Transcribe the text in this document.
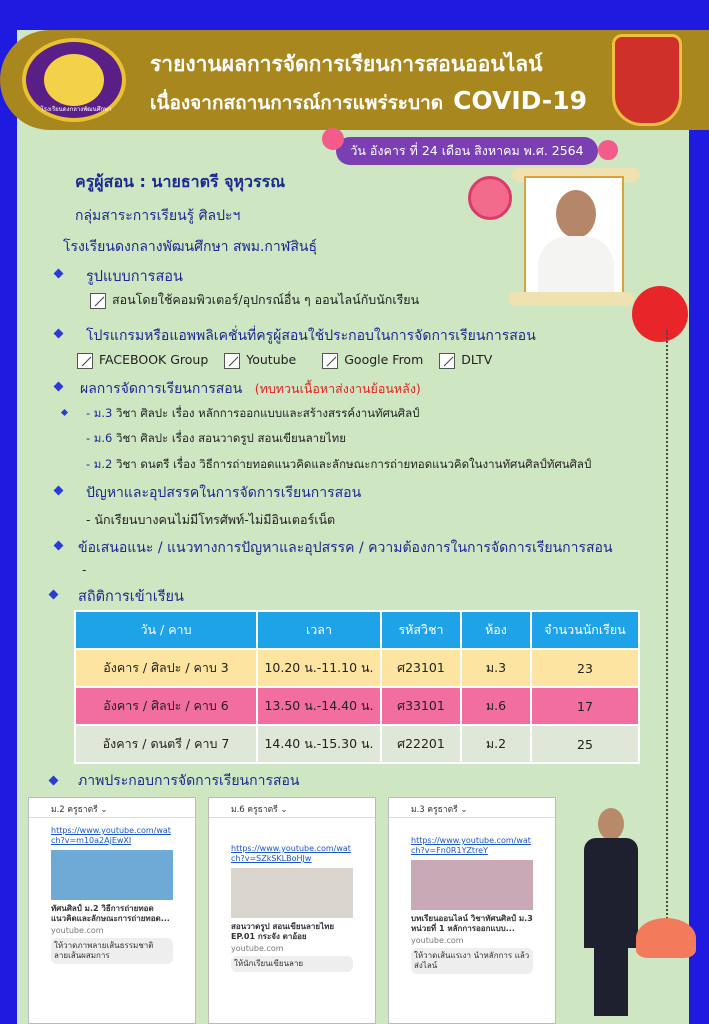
รายงานผลการจัดการเรียนการสอนออนไลน์
เนื่องจากสถานการณ์การแพร่ระบาด COVID-19
โรงเรียนดงกลางพัฒนศึกษา
วัน อังคาร ที่ 24 เดือน สิงหาคม พ.ศ. 2564
ครูผู้สอน : นายธาตรี จุหุวรรณ
กลุ่มสาระการเรียนรู้ ศิลปะฯ
โรงเรียนดงกลางพัฒนศึกษา สพม.กาฬสินธุ์
รูปแบบการสอน
สอนโดยใช้คอมพิวเตอร์/อุปกรณ์อื่น ๆ ออนไลน์กับนักเรียน
โปรแกรมหรือแอพพลิเคชั่นที่ครูผู้สอนใช้ประกอบในการจัดการเรียนการสอน
FACEBOOK Group	Youtube	Google From	DLTV
ผลการจัดการเรียนการสอน (ทบทวนเนื้อหาส่งงานย้อนหลัง)
- ม.3 วิชา ศิลปะ เรื่อง หลักการออกแบบและสร้างสรรค์งานทัศนศิลป์
- ม.6 วิชา ศิลปะ เรื่อง สอนวาดรูป สอนเขียนลายไทย
- ม.2 วิชา ดนตรี เรื่อง วิธีการถ่ายทอดแนวคิดและลักษณะการถ่ายทอดแนวคิดในงานทัศนศิลป์ทัศนศิลป์
ปัญหาและอุปสรรคในการจัดการเรียนการสอน
- นักเรียนบางคนไม่มีโทรศัพท์-ไม่มีอินเตอร์เน็ต
ข้อเสนอแนะ / แนวทางการปัญหาและอุปสรรค / ความต้องการในการจัดการเรียนการสอน
-
สถิติการเข้าเรียน
วัน / คาบ	เวลา	รหัสวิชา	ห้อง	จำนวนนักเรียน
อังคาร / ศิลปะ / คาบ 3	10.20 น.-11.10 น.	ศ23101	ม.3	23
อังคาร / ศิลปะ / คาบ 6	13.50 น.-14.40 น.	ศ33101	ม.6	17
อังคาร / ดนตรี / คาบ 7	14.40 น.-15.30 น.	ศ22201	ม.2	25
ภาพประกอบการจัดการเรียนการสอน
ม.2 ครูธาตรี ⌄
https://www.youtube.com/watch?v=m10a2AjEwXI
ทัศนศิลป์ ม.2 วิธีการถ่ายทอดแนวคิดและลักษณะการถ่ายทอด...
youtube.com
ให้วาดภาพลายเส้นธรรมชาติ ลายเส้นผสมการ
ม.6 ครูธาตรี ⌄
https://www.youtube.com/watch?v=SZkSKLBoHJw
สอนวาดรูป สอนเขียนลายไทย EP.01 กระจัง ตาอ้อย
youtube.com
ให้นักเรียนเขียนลาย
ม.3 ครูธาตรี ⌄
https://www.youtube.com/watch?v=Fn0R1YZtreY
บทเรียนออนไลน์ วิชาทัศนศิลป์ ม.3 หน่วยที่ 1 หลักการออกแบบ...
youtube.com
ให้วาดเส้นแรเงา นำหลักการ แล้วส่งไลน์
